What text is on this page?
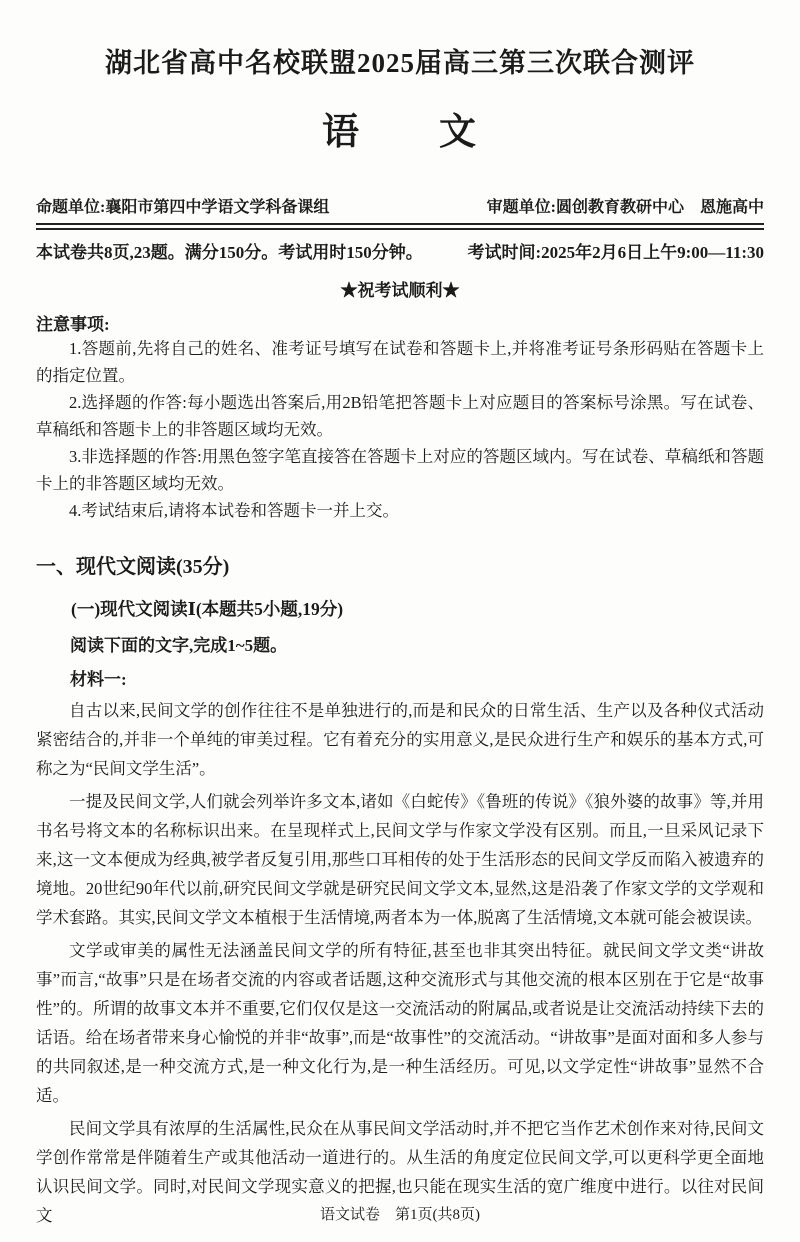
湖北省高中名校联盟2025届高三第三次联合测评
语　　文
命题单位:襄阳市第四中学语文学科备课组	审题单位:圆创教育教研中心　恩施高中
本试卷共8页,23题。满分150分。考试用时150分钟。	考试时间:2025年2月6日上午9:00—11:30
★祝考试顺利★
注意事项:

1.答题前,先将自己的姓名、准考证号填写在试卷和答题卡上,并将准考证号条形码贴在答题卡上的指定位置。

2.选择题的作答:每小题选出答案后,用2B铅笔把答题卡上对应题目的答案标号涂黑。写在试卷、草稿纸和答题卡上的非答题区域均无效。

3.非选择题的作答:用黑色签字笔直接答在答题卡上对应的答题区域内。写在试卷、草稿纸和答题卡上的非答题区域均无效。

4.考试结束后,请将本试卷和答题卡一并上交。

一、现代文阅读(35分)
(一)现代文阅读Ⅰ(本题共5小题,19分)
阅读下面的文字,完成1~5题。
材料一:

自古以来,民间文学的创作往往不是单独进行的,而是和民众的日常生活、生产以及各种仪式活动紧密结合的,并非一个单纯的审美过程。它有着充分的实用意义,是民众进行生产和娱乐的基本方式,可称之为“民间文学生活”。

一提及民间文学,人们就会列举许多文本,诸如《白蛇传》《鲁班的传说》《狼外婆的故事》等,并用书名号将文本的名称标识出来。在呈现样式上,民间文学与作家文学没有区别。而且,一旦采风记录下来,这一文本便成为经典,被学者反复引用,那些口耳相传的处于生活形态的民间文学反而陷入被遗弃的境地。20世纪90年代以前,研究民间文学就是研究民间文学文本,显然,这是沿袭了作家文学的文学观和学术套路。其实,民间文学文本植根于生活情境,两者本为一体,脱离了生活情境,文本就可能会被误读。

文学或审美的属性无法涵盖民间文学的所有特征,甚至也非其突出特征。就民间文学文类“讲故事”而言,“故事”只是在场者交流的内容或者话题,这种交流形式与其他交流的根本区别在于它是“故事性”的。所谓的故事文本并不重要,它们仅仅是这一交流活动的附属品,或者说是让交流活动持续下去的话语。给在场者带来身心愉悦的并非“故事”,而是“故事性”的交流活动。“讲故事”是面对面和多人参与的共同叙述,是一种交流方式,是一种文化行为,是一种生活经历。可见,以文学定性“讲故事”显然不合适。

民间文学具有浓厚的生活属性,民众在从事民间文学活动时,并不把它当作艺术创作来对待,民间文学创作常常是伴随着生产或其他活动一道进行的。从生活的角度定位民间文学,可以更科学更全面地认识民间文学。同时,对民间文学现实意义的把握,也只能在现实生活的宽广维度中进行。以往对民间文	语文试卷　第1页(共8页)
